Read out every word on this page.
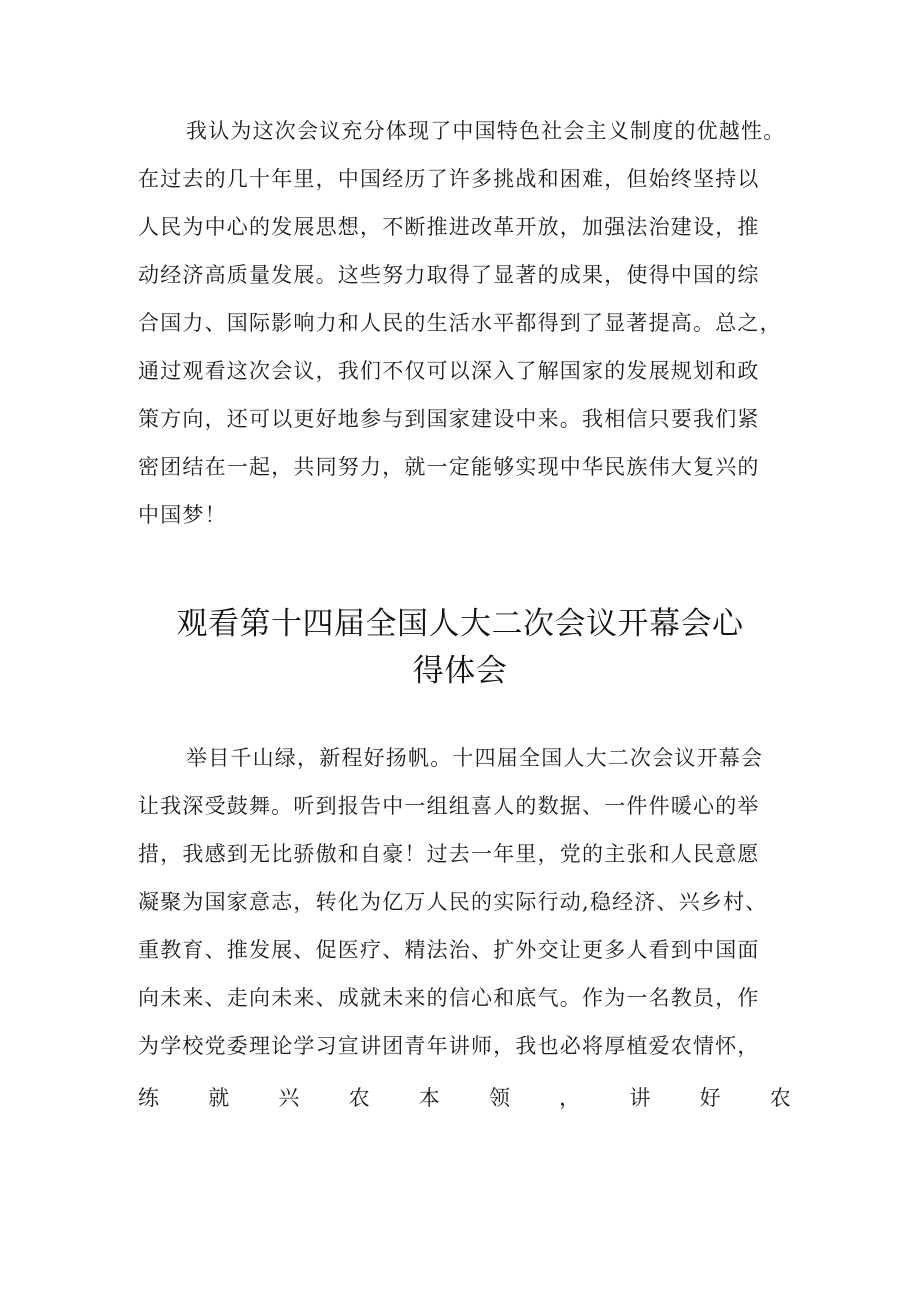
我认为这次会议充分体现了中国特色社会主义制度的优越性。
在过去的几十年里，中国经历了许多挑战和困难，但始终坚持以
人民为中心的发展思想，不断推进改革开放，加强法治建设，推
动经济高质量发展。这些努力取得了显著的成果，使得中国的综
合国力、国际影响力和人民的生活水平都得到了显著提高。总之，
通过观看这次会议，我们不仅可以深入了解国家的发展规划和政
策方向，还可以更好地参与到国家建设中来。我相信只要我们紧
密团结在一起，共同努力，就一定能够实现中华民族伟大复兴的
中国梦！
观看第十四届全国人大二次会议开幕会心
得体会
举目千山绿，新程好扬帆。十四届全国人大二次会议开幕会
让我深受鼓舞。听到报告中一组组喜人的数据、一件件暖心的举
措，我感到无比骄傲和自豪！过去一年里，党的主张和人民意愿
凝聚为国家意志，转化为亿万人民的实际行动,稳经济、兴乡村、
重教育、推发展、促医疗、精法治、扩外交让更多人看到中国面
向未来、走向未来、成就未来的信心和底气。作为一名教员，作
为学校党委理论学习宣讲团青年讲师，我也必将厚植爱农情怀，
练 就 兴 农 本 领 ， 讲 好 农
